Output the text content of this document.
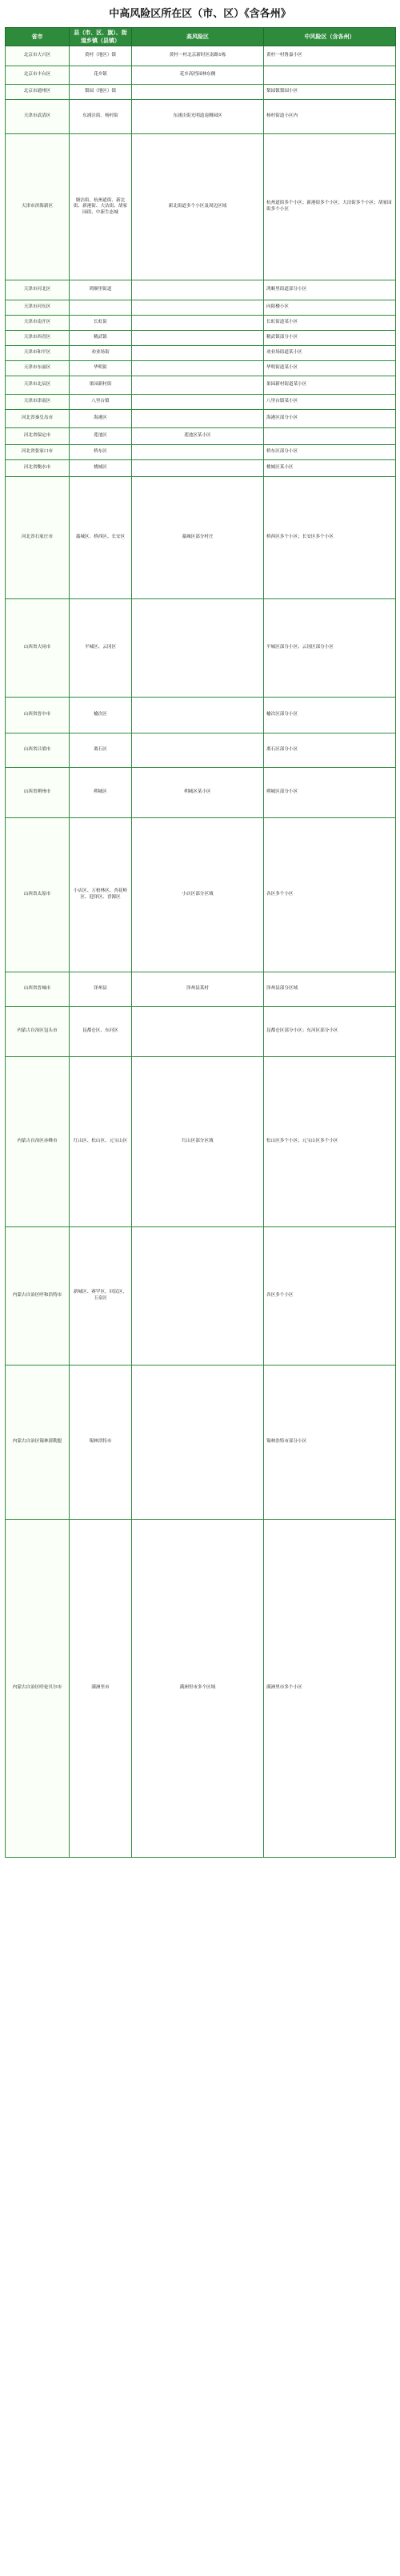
中高风险区所在区（市、区）《含各州》
省市	县（市、区、旗）、街道乡镇（县镇）	高风险区	中风险区（含各州）
北京市大兴区	黄村（地区）镇	黄村一村北京新时区南路1栋	黄村一村鲁嘉小区
北京市丰台区	花乡镇	花乡高档园林东侧	
北京市通州区	梨园（地区）镇		梨园镇梨园小区
天津市武清区	东浦洼街、杨村街	东浦洼街光明道南侧园区	杨村街道小区内
天津市滨海新区	塘沽街、杭州道街、新北街、新港街、大沽街、胡家园街、中新生态城	新北街道多个小区及周边区域	杭州道街多个小区；新港街多个小区；大沽街多个小区；胡家园街多个小区
天津市河北区	鸿顺里街道		鸿顺里街道部分小区
天津市河东区			向阳楼小区
天津市南开区	长虹街		长虹街道某小区
天津市西青区	精武镇		精武镇部分小区
天津市和平区	劝业场街		劝业场街道某小区
天津市东丽区	华明街		华明街道某小区
天津市北辰区	果园新村街		果园新村街道某小区
天津市津南区	八里台镇		八里台镇某小区
河北省秦皇岛市	海港区		海港区部分小区
河北省保定市	莲池区	莲池区某小区	
河北省张家口市	桥东区		桥东区部分小区
河北省衡水市	桃城区		桃城区某小区
河北省石家庄市	藁城区、桥西区、长安区	藁城区部分村庄	桥西区多个小区；长安区多个小区
山西省大同市	平城区、云冈区		平城区部分小区；云冈区部分小区
山西省晋中市	榆次区		榆次区部分小区
山西省吕梁市	离石区		离石区部分小区
山西省朔州市	朔城区	朔城区某小区	朔城区部分小区
山西省太原市	小店区、万柏林区、杏花岭区、迎泽区、晋源区	小店区部分区域	各区多个小区
山西省晋城市	泽州县	泽州县某村	泽州县部分区域
内蒙古自治区包头市	昆都仑区、东河区		昆都仑区部分小区；东河区部分小区
内蒙古自治区赤峰市	红山区、松山区、元宝山区	红山区部分区域	松山区多个小区；元宝山区多个小区
内蒙古自治区呼和浩特市	新城区、赛罕区、回民区、玉泉区		各区多个小区
内蒙古自治区锡林郭勒盟	锡林浩特市		锡林浩特市部分小区
内蒙古自治区呼伦贝尔市	满洲里市	满洲里市多个区域	满洲里市多个小区
